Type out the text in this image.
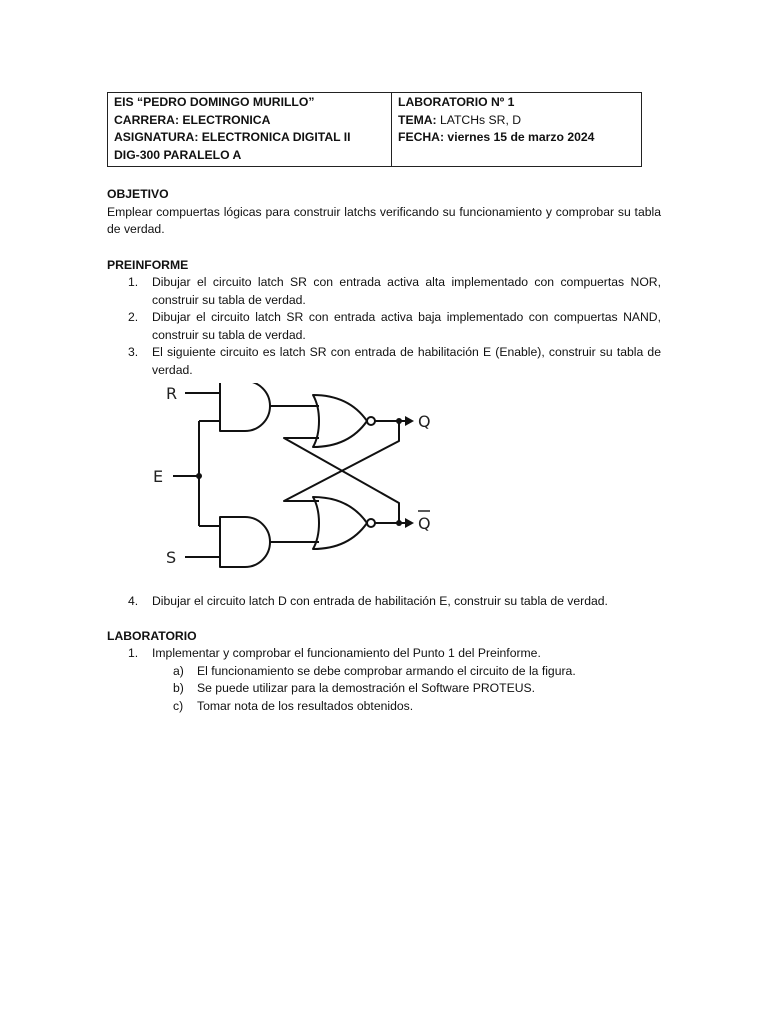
EIS “PEDRO DOMINGO MURILLO”
CARRERA: ELECTRONICA
ASIGNATURA: ELECTRONICA DIGITAL II
DIG-300 PARALELO A

LABORATORIO Nº 1
TEMA: LATCHs SR, D
FECHA: viernes 15 de marzo 2024
OBJETIVO
Emplear compuertas lógicas para construir latchs verificando su funcionamiento y comprobar su tabla de verdad.
PREINFORME
1. Dibujar el circuito latch SR con entrada activa alta implementado con compuertas NOR, construir su tabla de verdad.
2. Dibujar el circuito latch SR con entrada activa baja implementado con compuertas NAND, construir su tabla de verdad.
3. El siguiente circuito es latch SR con entrada de habilitación E (Enable), construir su tabla de verdad.
R
E
S
Q
Q
4. Dibujar el circuito latch D con entrada de habilitación E, construir su tabla de verdad.
LABORATORIO
1. Implementar y comprobar el funcionamiento del Punto 1 del Preinforme.
a) El funcionamiento se debe comprobar armando el circuito de la figura.
b) Se puede utilizar para la demostración el Software PROTEUS.
c) Tomar nota de los resultados obtenidos.
